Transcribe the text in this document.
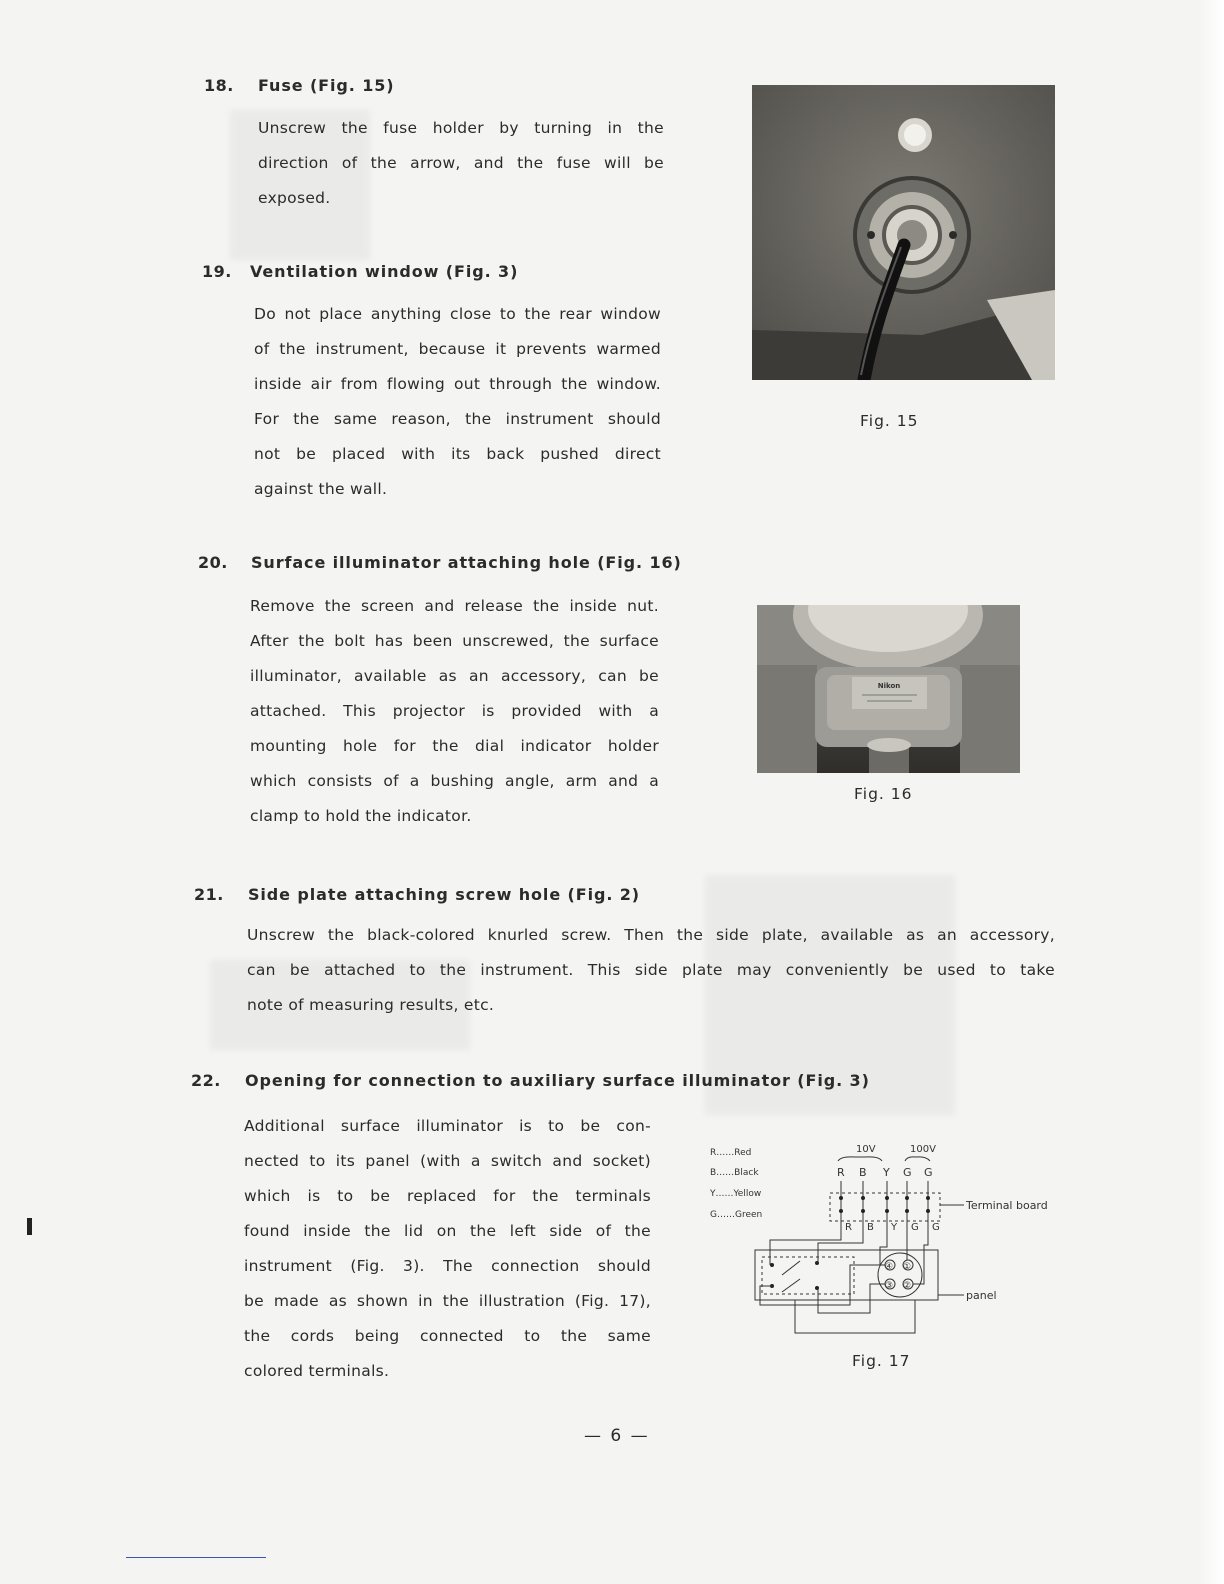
18. Fuse (Fig. 15)
Unscrew the fuse holder by turning in the
direction of the arrow, and the fuse will be
exposed.
Fig. 15
19. Ventilation window (Fig. 3)
Do not place anything close to the rear window
of the instrument, because it prevents warmed
inside air from flowing out through the window.
For the same reason, the instrument should
not be placed with its back pushed direct
against the wall.
20. Surface illuminator attaching hole (Fig. 16)
Remove the screen and release the inside nut.
After the bolt has been unscrewed, the surface
illuminator, available as an accessory, can be
attached. This projector is provided with a
mounting hole for the dial indicator holder
which consists of a bushing angle, arm and a
clamp to hold the indicator.
Nikon
Fig. 16
21. Side plate attaching screw hole (Fig. 2)
Unscrew the black-colored knurled screw. Then the side plate, available as an accessory,
can be attached to the instrument. This side plate may conveniently be used to take
note of measuring results, etc.
22. Opening for connection to auxiliary surface illuminator (Fig. 3)
Additional surface illuminator is to be con-
nected to its panel (with a switch and socket)
which is to be replaced for the terminals
found inside the lid on the left side of the
instrument (Fig. 3). The connection should
be made as shown in the illustration (Fig. 17),
the cords being connected to the same
colored terminals.
R……Red
B……Black
Y……Yellow
G……Green
10V	100V
R B Y G G
R B Y G G
Terminal board
④ ①
③ ②
panel
Fig. 17
— 6 —
